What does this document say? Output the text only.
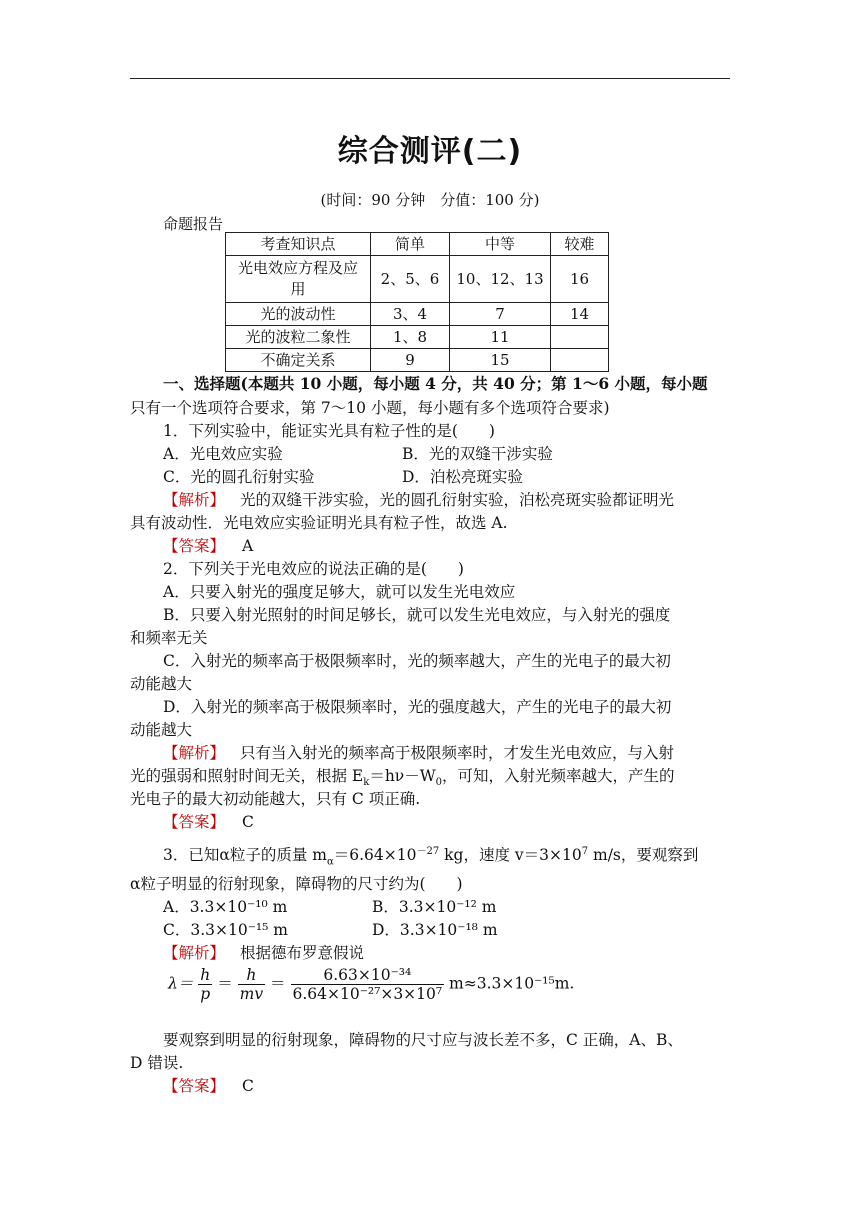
综合测评(二)
(时间：90 分钟　分值：100 分)
命题报告
考查知识点	简单	中等	较难
光电效应方程及应
用	2、5、6	10、12、13	16
光的波动性	3、4	7	14
光的波粒二象性	1、8	11	
不确定关系	9	15	
一、选择题(本题共 10 小题，每小题 4 分，共 40 分；第 1～6 小题，每小题
只有一个选项符合要求，第 7～10 小题，每小题有多个选项符合要求)
1．下列实验中，能证实光具有粒子性的是(　　)
A．光电效应实验	B．光的双缝干涉实验
C．光的圆孔衍射实验	D．泊松亮斑实验
【解析】 光的双缝干涉实验，光的圆孔衍射实验，泊松亮斑实验都证明光
具有波动性．光电效应实验证明光具有粒子性，故选 A.
【答案】 A
2．下列关于光电效应的说法正确的是(　　)
A．只要入射光的强度足够大，就可以发生光电效应
B．只要入射光照射的时间足够长，就可以发生光电效应，与入射光的强度
和频率无关
C．入射光的频率高于极限频率时，光的频率越大，产生的光电子的最大初
动能越大
D．入射光的频率高于极限频率时，光的强度越大，产生的光电子的最大初
动能越大
【解析】 只有当入射光的频率高于极限频率时，才发生光电效应，与入射
光的强弱和照射时间无关，根据 $E_k=h\nu-W_0$，可知，入射光频率越大，产生的
光电子的最大初动能越大，只有 C 项正确.
【答案】 C
3．已知α粒子的质量 $m_\alpha=6.64\times 10^{-27}$ kg，速度 $v=3\times 10^7$ m/s，要观察到
α粒子明显的衍射现象，障碍物的尺寸约为(　　)
A．3.3×10⁻¹⁰ m	B．3.3×10⁻¹² m
C．3.3×10⁻¹⁵ m	D．3.3×10⁻¹⁸ m
【解析】 根据德布罗意假说
$\lambda= \frac{h}{p} = \frac{h}{mv} = \frac{\text{6.63×10⁻³⁴}}{\text{6.64×10⁻²⁷×3×10⁷}} m\approx 3.3\times 10^{-15}m$.
要观察到明显的衍射现象，障碍物的尺寸应与波长差不多，C 正确，A、B、
D 错误.
【答案】 C
